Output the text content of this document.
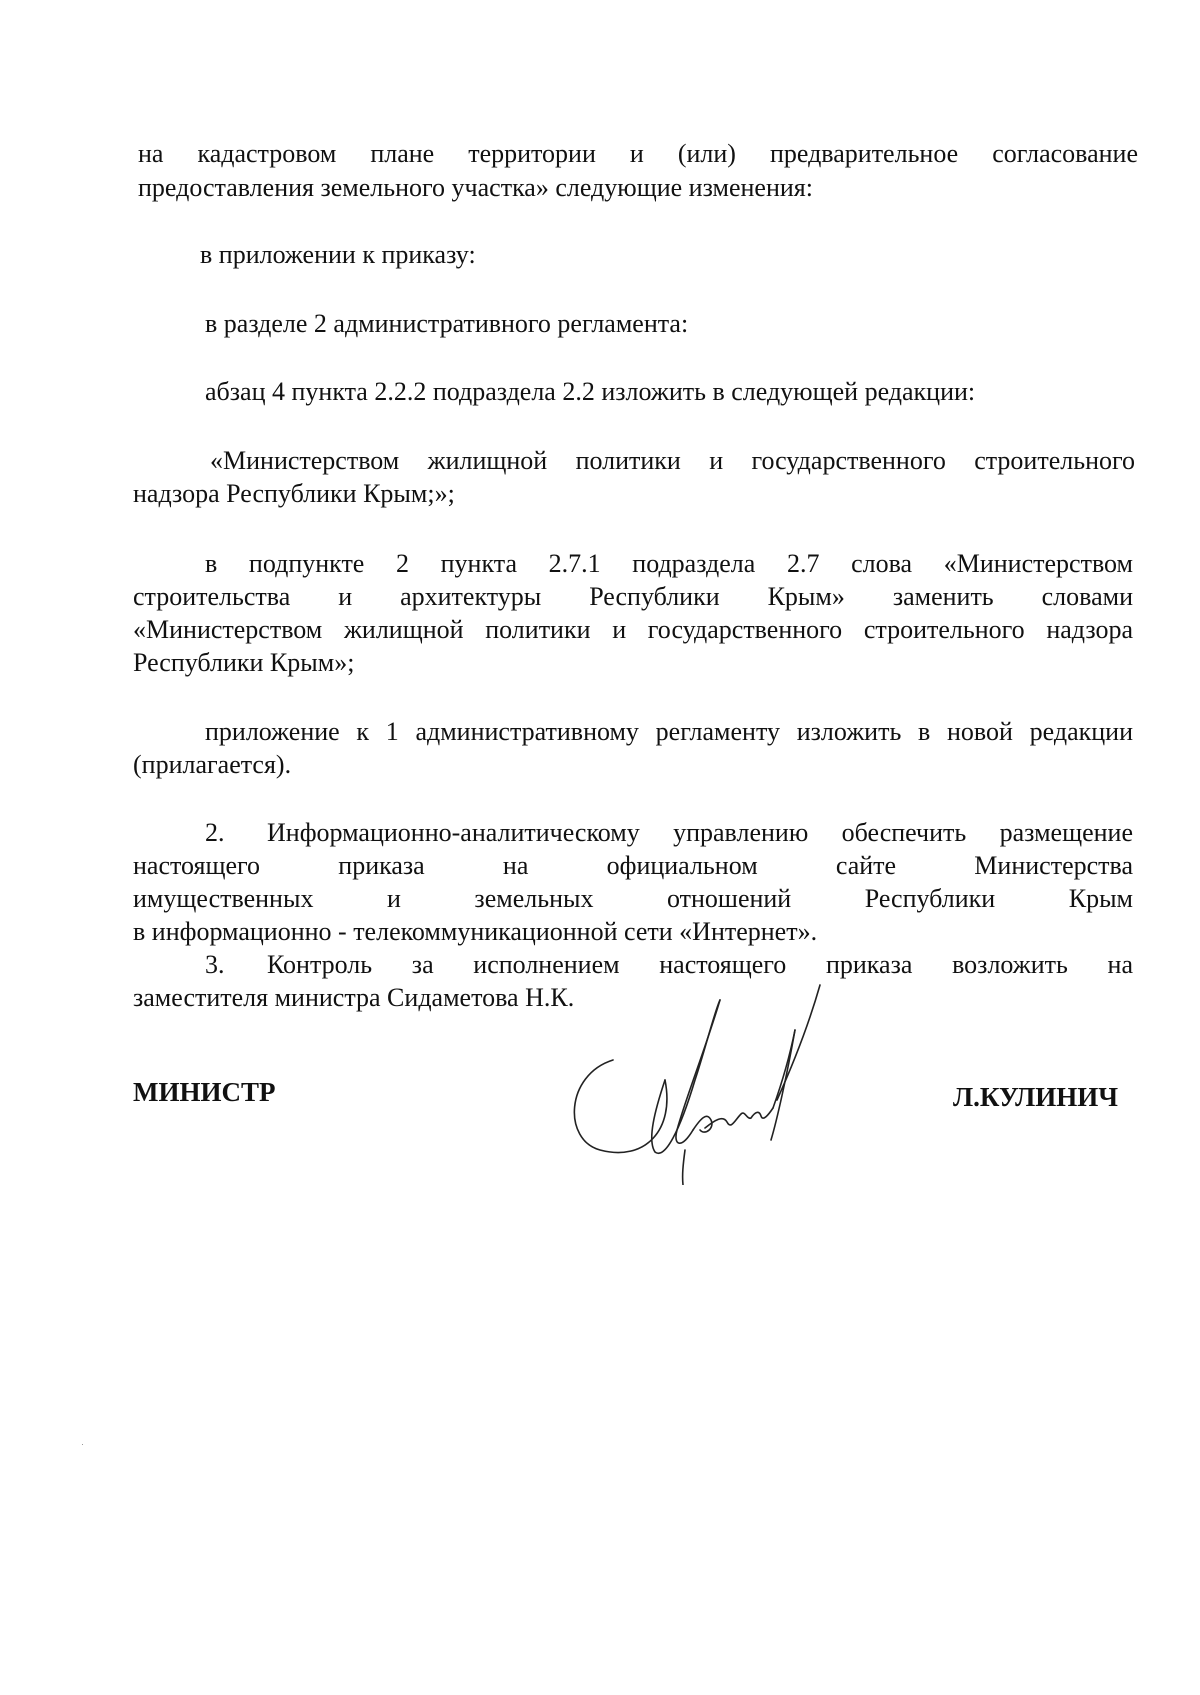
на кадастровом плане территории и (или) предварительное согласование
предоставления земельного участка» следующие изменения:
в приложении к приказу:
в разделе 2 административного регламента:
абзац 4 пункта 2.2.2 подраздела 2.2 изложить в следующей редакции:
«Министерством жилищной политики и государственного строительного
надзора Республики Крым;»;
в подпункте 2 пункта 2.7.1 подраздела 2.7 слова «Министерством
строительства и архитектуры Республики Крым» заменить словами
«Министерством жилищной политики и государственного строительного надзора
Республики Крым»;
приложение к 1 административному регламенту изложить в новой редакции
(прилагается).
2. Информационно-аналитическому управлению обеспечить размещение
настоящего приказа на официальном сайте Министерства
имущественных и земельных отношений Республики Крым
в информационно - телекоммуникационной сети «Интернет».
3. Контроль за исполнением настоящего приказа возложить на
заместителя министра Сидаметова Н.К.
МИНИСТР	Л.КУЛИНИЧ
